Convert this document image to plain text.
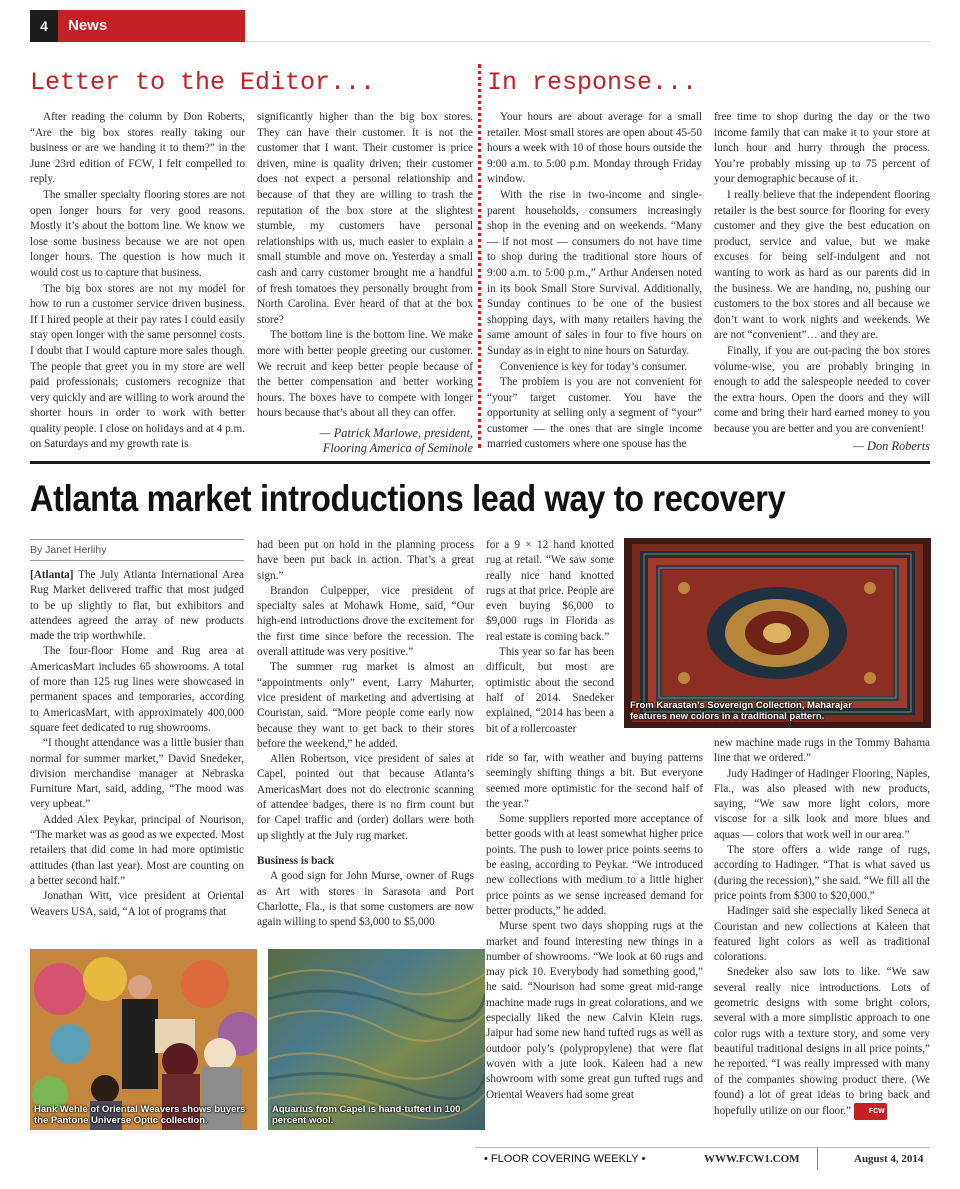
4	News
Letter to the Editor...	In response...

After reading the column by Don Roberts, “Are the big box stores really taking our business or are we handing it to them?” in the June 23rd edition of FCW, I felt compelled to reply.

The smaller specialty flooring stores are not open longer hours for very good reasons. Mostly it’s about the bottom line. We know we lose some business because we are not open longer hours. The question is how much it would cost us to capture that business.

The big box stores are not my model for how to run a customer service driven business. If I hired people at their pay rates I could easily stay open longer with the same personnel costs. I doubt that I would capture more sales though. The people that greet you in my store are well paid professionals; customers recognize that very quickly and are willing to work around the shorter hours in order to work with better quality people. I close on holidays and at 4 p.m. on Saturdays and my growth rate is

significantly higher than the big box stores. They can have their customer. It is not the customer that I want. Their customer is price driven, mine is quality driven; their customer does not expect a personal relationship and because of that they are willing to trash the reputation of the box store at the slightest stumble, my customers have personal relationships with us, much easier to explain a small stumble and move on. Yesterday a small cash and carry customer brought me a handful of fresh tomatoes they personally brought from North Carolina. Ever heard of that at the box store?

The bottom line is the bottom line. We make more with better people greeting our customer. We recruit and keep better people because of the better compensation and better working hours. The boxes have to compete with longer hours because that’s about all they can offer.

— Patrick Marlowe, president,

Flooring America of Seminole

Your hours are about average for a small retailer. Most small stores are open about 45-50 hours a week with 10 of those hours outside the 9:00 a.m. to 5:00 p.m. Monday through Friday window.

With the rise in two-income and single-parent households, consumers increasingly shop in the evening and on weekends. “Many — if not most — consumers do not have time to shop during the traditional store hours of 9:00 a.m. to 5:00 p.m.,” Arthur Andersen noted in its book Small Store Survival. Additionally, Sunday continues to be one of the busiest shopping days, with many retailers having the same amount of sales in four to five hours on Sunday as in eight to nine hours on Saturday.

Convenience is key for today’s consumer.

The problem is you are not convenient for “your” target customer. You have the opportunity at selling only a segment of “your” customer — the ones that are single income married customers where one spouse has the

free time to shop during the day or the two income family that can make it to your store at lunch hour and hurry through the process. You’re probably missing up to 75 percent of your demographic because of it.

I really believe that the independent flooring retailer is the best source for flooring for every customer and they give the best education on product, service and value, but we make excuses for being self-indulgent and not wanting to work as hard as our parents did in the business. We are handing, no, pushing our customers to the box stores and all because we don’t want to work nights and weekends. We are not “convenient”… and they are.

Finally, if you are out-pacing the box stores volume-wise, you are probably bringing in enough to add the salespeople needed to cover the extra hours. Open the doors and they will come and bring their hard earned money to you because you are better and you are convenient!

— Don Roberts

Atlanta market introductions lead way to recovery
By Janet Herlihy

[Atlanta] The July Atlanta International Area Rug Market delivered traffic that most judged to be up slightly to flat, but exhibitors and attendees agreed the array of new products made the trip worthwhile.

The four-floor Home and Rug area at AmericasMart includes 65 showrooms. A total of more than 125 rug lines were showcased in permanent spaces and temporaries, according to AmericasMart, with approximately 400,000 square feet dedicated to rug showrooms.

“I thought attendance was a little busier than normal for summer market,” David Snedeker, division merchandise manager at Nebraska Furniture Mart, said, adding, “The mood was very upbeat.”

Added Alex Peykar, principal of Nourison, “The market was as good as we expected. Most retailers that did come in had more optimistic attitudes (than last year). Most are counting on a better second half.”

Jonathan Witt, vice president at Oriental Weavers USA, said, “A lot of programs that

had been put on hold in the planning process have been put back in action. That’s a great sign.”

Brandon Culpepper, vice president of specialty sales at Mohawk Home, said, “Our high-end introductions drove the excitement for the first time since before the recession. The overall attitude was very positive.”

The summer rug market is almost an “appointments only” event, Larry Mahurter, vice president of marketing and advertising at Couristan, said. “More people come early now because they want to get back to their stores before the weekend,” he added.

Allen Robertson, vice president of sales at Capel, pointed out that because Atlanta’s AmericasMart does not do electronic scanning of attendee badges, there is no firm count but for Capel traffic and (order) dollars were both up slightly at the July rug market.

Business is back

A good sign for John Murse, owner of Rugs as Art with stores in Sarasota and Port Charlotte, Fla., is that some customers are now again willing to spend $3,000 to $5,000

for a 9 × 12 hand knotted rug at retail. “We saw some really nice hand knotted rugs at that price. People are even buying $6,000 to $9,000 rugs in Florida as real estate is coming back.”

This year so far has been difficult, but most are optimistic about the second half of 2014. Snedeker explained, “2014 has been a bit of a rollercoaster

ride so far, with weather and buying patterns seemingly shifting things a bit. But everyone seemed more optimistic for the second half of the year.”

Some suppliers reported more acceptance of better goods with at least somewhat higher price points. The push to lower price points seems to be easing, according to Peykar. “We introduced new collections with medium to a little higher price points as we sense increased demand for better products,” he added.

Murse spent two days shopping rugs at the market and found interesting new things in a number of showrooms. “We look at 60 rugs and may pick 10. Everybody had something good,” he said. “Nourison had some great mid-range machine made rugs in great colorations, and we especially liked the new Calvin Klein rugs. Jaipur had some new hand tufted rugs as well as outdoor poly’s (polypropylene) that were flat woven with a jute look. Kaleen had a new showroom with some great gun tufted rugs and Oriental Weavers had some great

new machine made rugs in the Tommy Bahama line that we ordered.”

Judy Hadinger of Hadinger Flooring, Naples, Fla., was also pleased with new products, saying, “We saw more light colors, more viscose for a silk look and more blues and aquas — colors that work well in our area.”

The store offers a wide range of rugs, according to Hadinger. “That is what saved us (during the recession),” she said. “We fill all the price points from $300 to $20,000.”

Hadinger said she especially liked Seneca at Couristan and new collections at Kaleen that featured light colors as well as traditional colorations.

Snedeker also saw lots to like. “We saw several really nice introductions. Lots of geometric designs with some bright colors, several with a more simplistic approach to one color rugs with a texture story, and some very beautiful traditional designs in all price points,” he reported. “I was really impressed with many of the companies showing product there. (We found) a lot of great ideas to bring back and hopefully utilize on our floor.”	FCW

From Karastan’s Sovereign Collection, Maharajar features new colors in a traditional pattern.
Hank Wehle of Oriental Weavers shows buyers the Pantone Universe Optic collection.
Aquarius from Capel is hand-tufted in 100 percent wool.
• FLOOR COVERING WEEKLY •	WWW.FCW1.COM	August 4, 2014
